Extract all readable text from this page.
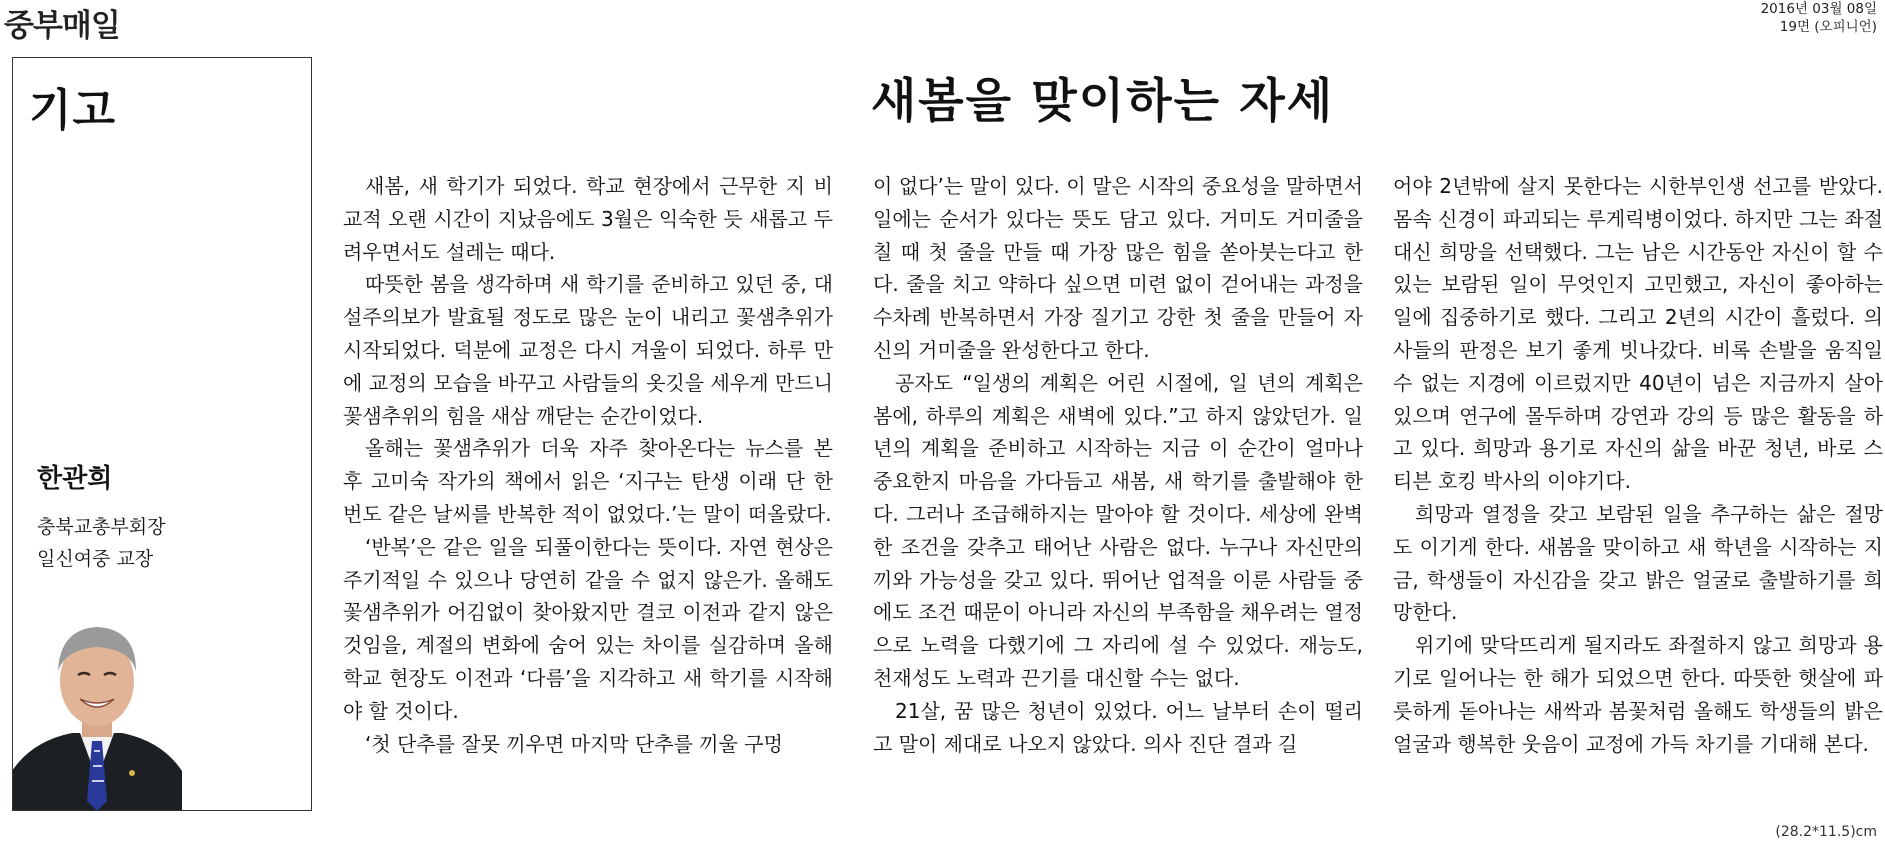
중부매일	2016년 03월 08일
19면 (오피니언)
기고
한관희
충북교총부회장
일신여중 교장
새봄을 맞이하는 자세

새봄, 새 학기가 되었다. 학교 현장에서 근무한 지 비교적 오랜 시간이 지났음에도 3월은 익숙한 듯 새롭고 두려우면서도 설레는 때다.

따뜻한 봄을 생각하며 새 학기를 준비하고 있던 중, 대설주의보가 발효될 정도로 많은 눈이 내리고 꽃샘추위가 시작되었다. 덕분에 교정은 다시 겨울이 되었다. 하루 만에 교정의 모습을 바꾸고 사람들의 옷깃을 세우게 만드니 꽃샘추위의 힘을 새삼 깨닫는 순간이었다.

올해는 꽃샘추위가 더욱 자주 찾아온다는 뉴스를 본 후 고미숙 작가의 책에서 읽은 ‘지구는 탄생 이래 단 한 번도 같은 날씨를 반복한 적이 없었다.’는 말이 떠올랐다.

‘반복’은 같은 일을 되풀이한다는 뜻이다. 자연 현상은 주기적일 수 있으나 당연히 같을 수 없지 않은가. 올해도 꽃샘추위가 어김없이 찾아왔지만 결코 이전과 같지 않은 것임을, 계절의 변화에 숨어 있는 차이를 실감하며 올해 학교 현장도 이전과 ‘다름’을 지각하고 새 학기를 시작해야 할 것이다.

‘첫 단추를 잘못 끼우면 마지막 단추를 끼울 구멍

이 없다’는 말이 있다. 이 말은 시작의 중요성을 말하면서 일에는 순서가 있다는 뜻도 담고 있다. 거미도 거미줄을 칠 때 첫 줄을 만들 때 가장 많은 힘을 쏟아붓는다고 한다. 줄을 치고 약하다 싶으면 미련 없이 걷어내는 과정을 수차례 반복하면서 가장 질기고 강한 첫 줄을 만들어 자신의 거미줄을 완성한다고 한다.

공자도 “일생의 계획은 어린 시절에, 일 년의 계획은 봄에, 하루의 계획은 새벽에 있다.”고 하지 않았던가. 일 년의 계획을 준비하고 시작하는 지금 이 순간이 얼마나 중요한지 마음을 가다듬고 새봄, 새 학기를 출발해야 한다. 그러나 조급해하지는 말아야 할 것이다. 세상에 완벽한 조건을 갖추고 태어난 사람은 없다. 누구나 자신만의 끼와 가능성을 갖고 있다. 뛰어난 업적을 이룬 사람들 중에도 조건 때문이 아니라 자신의 부족함을 채우려는 열정으로 노력을 다했기에 그 자리에 설 수 있었다. 재능도, 천재성도 노력과 끈기를 대신할 수는 없다.

21살, 꿈 많은 청년이 있었다. 어느 날부터 손이 떨리고 말이 제대로 나오지 않았다. 의사 진단 결과 길

어야 2년밖에 살지 못한다는 시한부인생 선고를 받았다. 몸속 신경이 파괴되는 루게릭병이었다. 하지만 그는 좌절 대신 희망을 선택했다. 그는 남은 시간동안 자신이 할 수 있는 보람된 일이 무엇인지 고민했고, 자신이 좋아하는 일에 집중하기로 했다. 그리고 2년의 시간이 흘렀다. 의사들의 판정은 보기 좋게 빗나갔다. 비록 손발을 움직일 수 없는 지경에 이르렀지만 40년이 넘은 지금까지 살아있으며 연구에 몰두하며 강연과 강의 등 많은 활동을 하고 있다. 희망과 용기로 자신의 삶을 바꾼 청년, 바로 스티븐 호킹 박사의 이야기다.

희망과 열정을 갖고 보람된 일을 추구하는 삶은 절망도 이기게 한다. 새봄을 맞이하고 새 학년을 시작하는 지금, 학생들이 자신감을 갖고 밝은 얼굴로 출발하기를 희망한다.

위기에 맞닥뜨리게 될지라도 좌절하지 않고 희망과 용기로 일어나는 한 해가 되었으면 한다. 따뜻한 햇살에 파릇하게 돋아나는 새싹과 봄꽃처럼 올해도 학생들의 밝은 얼굴과 행복한 웃음이 교정에 가득 차기를 기대해 본다.

(28.2*11.5)cm
